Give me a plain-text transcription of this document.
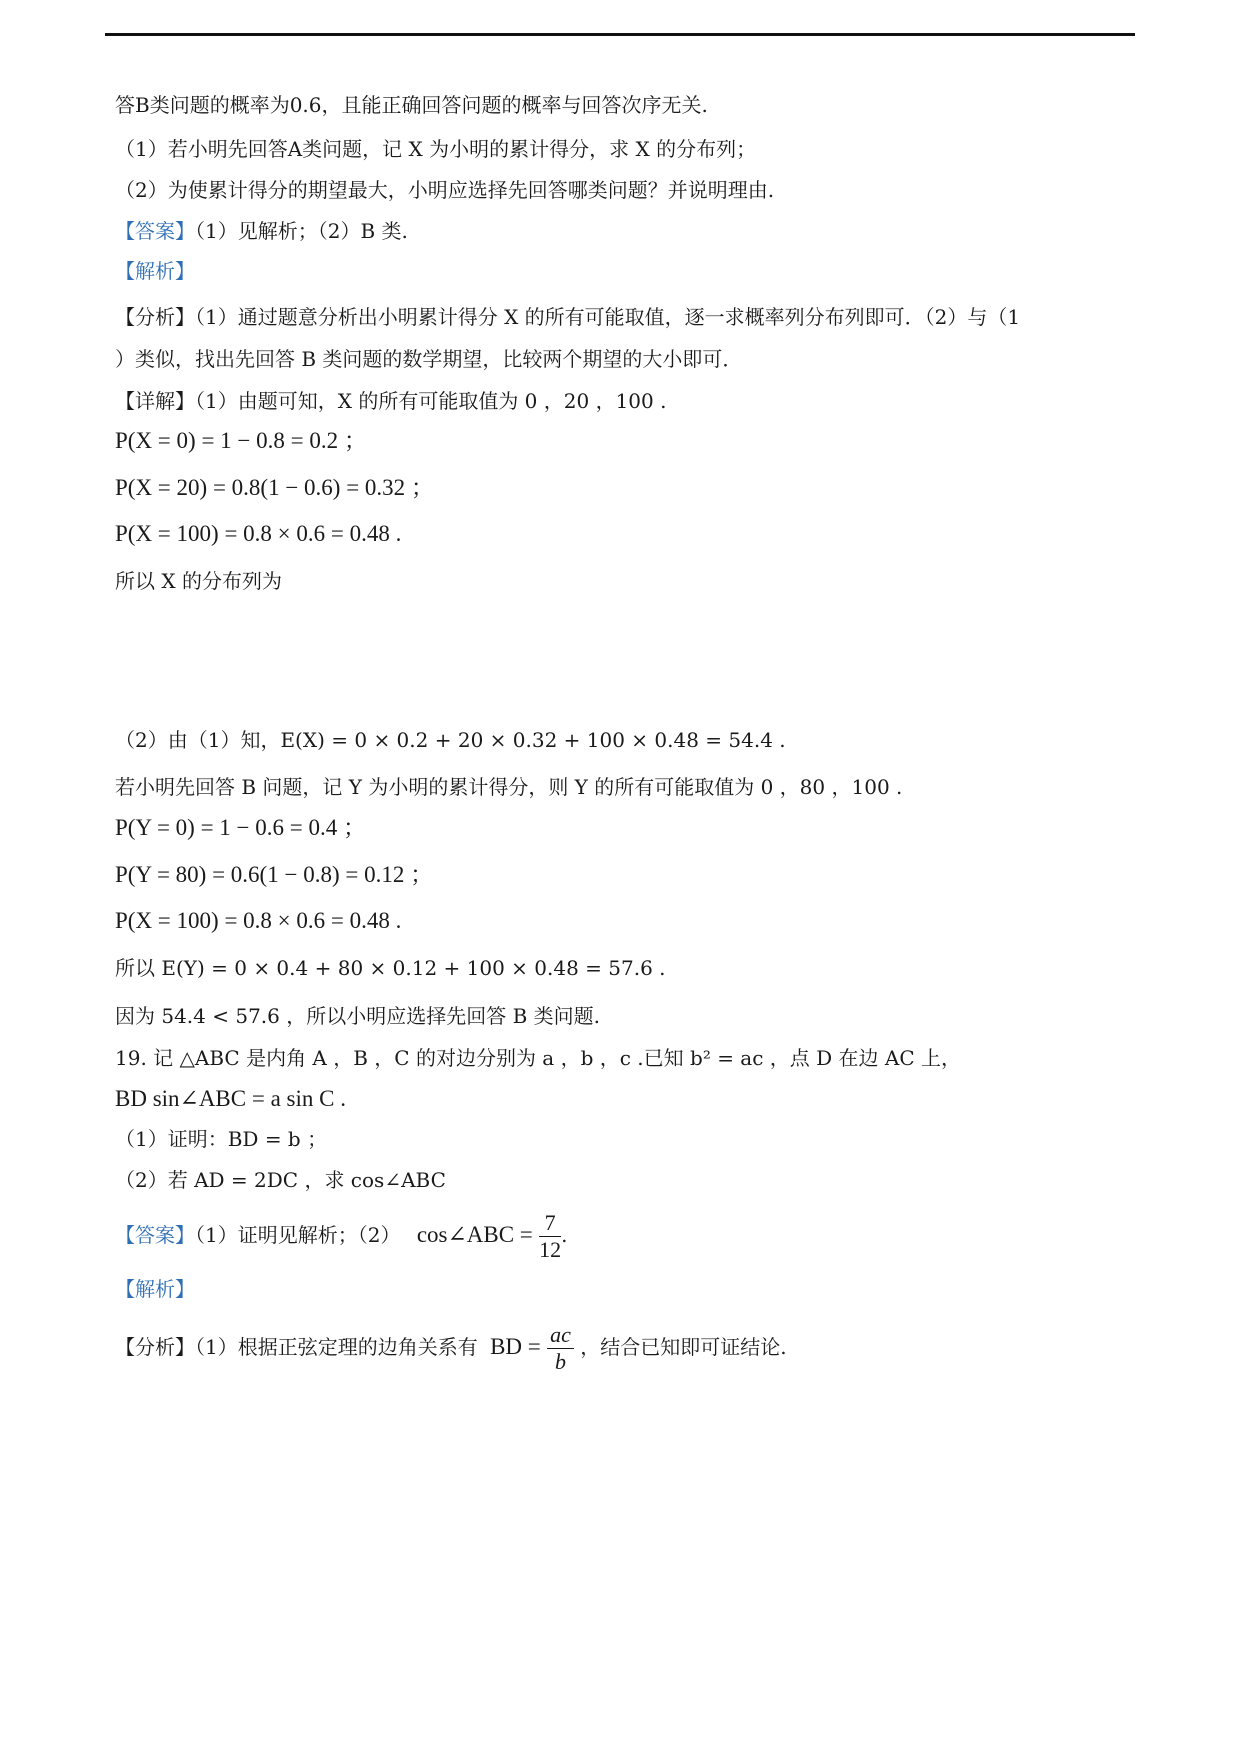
答B类问题的概率为0.6，且能正确回答问题的概率与回答次序无关.
（1）若小明先回答A类问题，记 X 为小明的累计得分，求 X 的分布列；
（2）为使累计得分的期望最大，小明应选择先回答哪类问题？并说明理由.
【答案】（1）见解析；（2）B 类.
【解析】
【分析】（1）通过题意分析出小明累计得分 X 的所有可能取值，逐一求概率列分布列即可．（2）与（1
）类似，找出先回答 B 类问题的数学期望，比较两个期望的大小即可．
【详解】（1）由题可知，X 的所有可能取值为 0 ，20 ，100 .
P(X = 0) = 1 − 0.8 = 0.2 ；
P(X = 20) = 0.8(1 − 0.6) = 0.32 ；
P(X = 100) = 0.8 × 0.6 = 0.48 .
所以 X 的分布列为
（2）由（1）知，E(X) = 0 × 0.2 + 20 × 0.32 + 100 × 0.48 = 54.4 .
若小明先回答 B 问题，记 Y 为小明的累计得分，则 Y 的所有可能取值为 0 ，80 ，100 .
P(Y = 0) = 1 − 0.6 = 0.4 ；
P(Y = 80) = 0.6(1 − 0.8) = 0.12 ；
P(X = 100) = 0.8 × 0.6 = 0.48 .
所以 E(Y) = 0 × 0.4 + 80 × 0.12 + 100 × 0.48 = 57.6 .
因为 54.4 < 57.6 ，所以小明应选择先回答 B 类问题.
19. 记 △ABC 是内角 A ，B ，C 的对边分别为 a ，b ，c .已知 b² = ac ，点 D 在边 AC 上，
BD sin∠ABC = a sin C .
（1）证明：BD = b ；
（2）若 AD = 2DC ，求 cos∠ABC
【答案】（1）证明见解析；（2） cos∠ABC = $\frac{7}{12}$ .
【解析】
【分析】（1）根据正弦定理的边角关系有 BD = $\frac{ac}{b}$ ，结合已知即可证结论.
